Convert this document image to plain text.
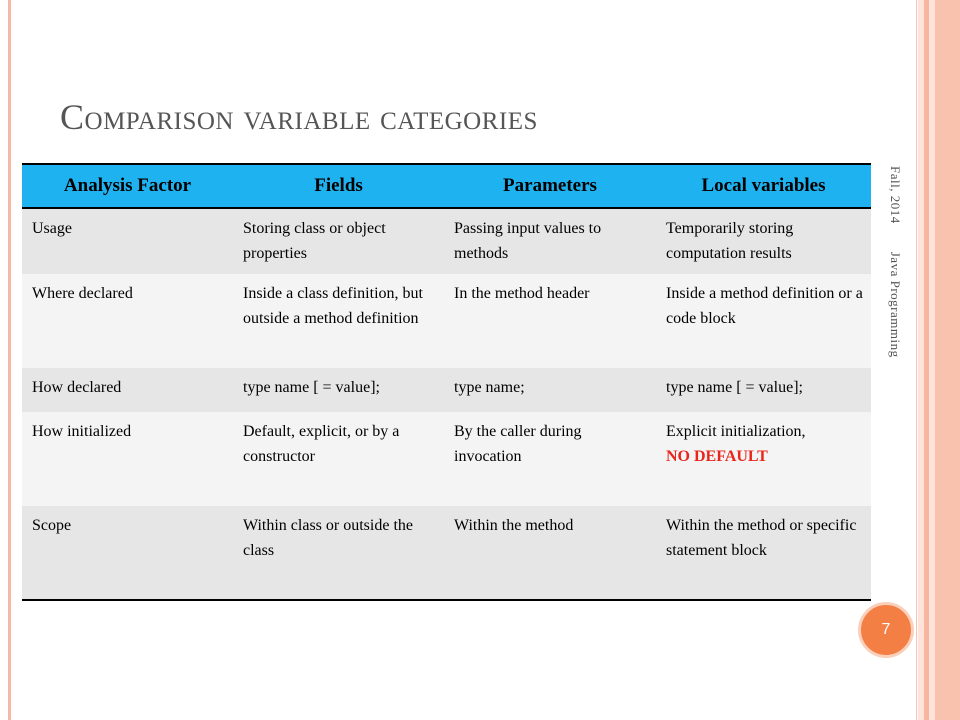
Comparison variable categories
Analysis Factor	Fields	Parameters	Local variables
Usage	Storing class or object properties	Passing input values to methods	Temporarily storing computation results
Where declared	Inside a class definition, but outside a method definition	In the method header	Inside a method definition or a code block
How declared	type name [ = value];	type name;	type name [ = value];
How initialized	Default, explicit, or by a constructor	By the caller during invocation	Explicit initialization,
NO DEFAULT
Scope	Within class or outside the class	Within the method	Within the method or specific statement block
Fall, 2014Java Programming
7
